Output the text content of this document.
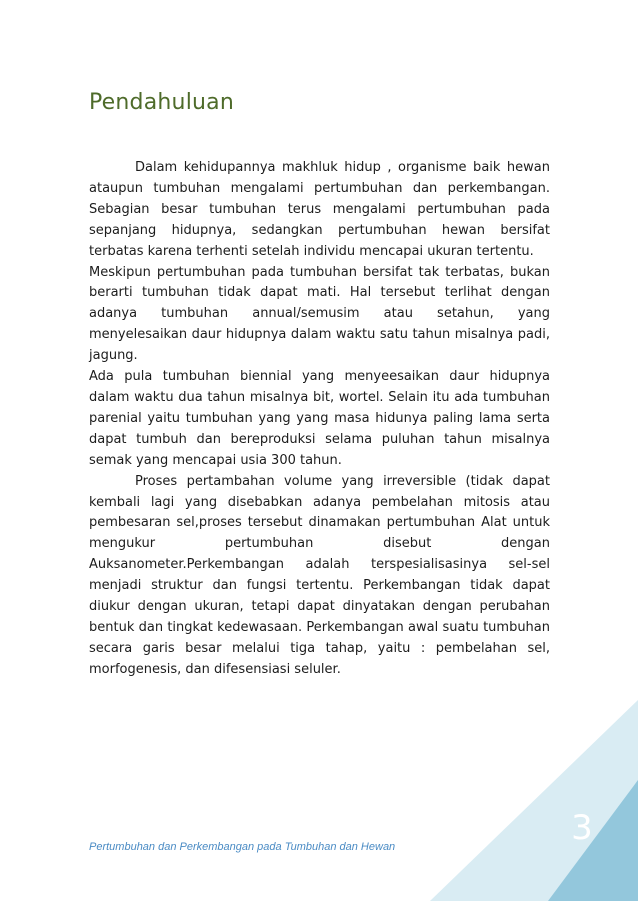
Pendahuluan

Dalam kehidupannya makhluk hidup , organisme baik hewan ataupun tumbuhan mengalami pertumbuhan dan perkembangan. Sebagian besar tumbuhan terus mengalami pertumbuhan pada sepanjang hidupnya, sedangkan pertumbuhan hewan bersifat terbatas karena terhenti setelah individu mencapai ukuran tertentu.

Meskipun pertumbuhan pada tumbuhan bersifat tak terbatas, bukan berarti tumbuhan tidak dapat mati. Hal tersebut terlihat dengan adanya tumbuhan annual/semusim atau setahun, yang menyelesaikan daur hidupnya dalam waktu satu tahun misalnya padi, jagung.

Ada pula tumbuhan biennial yang menyeesaikan daur hidupnya dalam waktu dua tahun misalnya bit, wortel. Selain itu ada tumbuhan parenial yaitu tumbuhan yang yang masa hidunya paling lama serta dapat tumbuh dan bereproduksi selama puluhan tahun misalnya semak yang mencapai usia 300 tahun.

Proses pertambahan volume yang irreversible (tidak dapat kembali lagi yang disebabkan adanya pembelahan mitosis atau pembesaran sel,proses tersebut dinamakan pertumbuhan Alat untuk mengukur pertumbuhan disebut dengan Auksanometer.Perkembangan adalah terspesialisasinya sel-sel menjadi struktur dan fungsi tertentu. Perkembangan tidak dapat diukur dengan ukuran, tetapi dapat dinyatakan dengan perubahan bentuk dan tingkat kedewasaan. Perkembangan awal suatu tumbuhan secara garis besar melalui tiga tahap, yaitu : pembelahan sel, morfogenesis, dan difesensiasi seluler.

Pertumbuhan dan Perkembangan pada Tumbuhan dan Hewan	3
